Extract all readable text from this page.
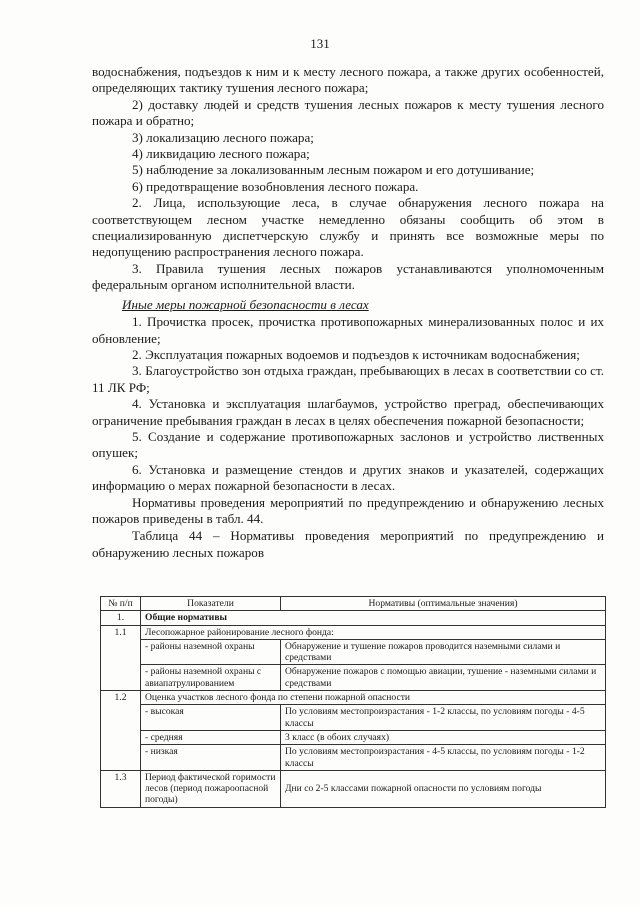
131

водоснабжения, подъездов к ним и к месту лесного пожара, а также других особенностей, определяющих тактику тушения лесного пожара;

2) доставку людей и средств тушения лесных пожаров к месту тушения лесного пожара и обратно;

3) локализацию лесного пожара;

4) ликвидацию лесного пожара;

5) наблюдение за локализованным лесным пожаром и его дотушивание;

6) предотвращение возобновления лесного пожара.

2. Лица, использующие леса, в случае обнаружения лесного пожара на соответствующем лесном участке немедленно обязаны сообщить об этом в специализированную диспетчерскую службу и принять все возможные меры по недопущению распространения лесного пожара.

3. Правила тушения лесных пожаров устанавливаются уполномоченным федеральным органом исполнительной власти.

Иные меры пожарной безопасности в лесах

1. Прочистка просек, прочистка противопожарных минерализованных полос и их обновление;

2. Эксплуатация пожарных водоемов и подъездов к источникам водоснабжения;

3. Благоустройство зон отдыха граждан, пребывающих в лесах в соответствии со ст. 11 ЛК РФ;

4. Установка и эксплуатация шлагбаумов, устройство преград, обеспечивающих ограничение пребывания граждан в лесах в целях обеспечения пожарной безопасности;

5. Создание и содержание противопожарных заслонов и устройство лиственных опушек;

6. Установка и размещение стендов и других знаков и указателей, содержащих информацию о мерах пожарной безопасности в лесах.

Нормативы проведения мероприятий по предупреждению и обнаружению лесных пожаров приведены в табл. 44.

Таблица 44 – Нормативы проведения мероприятий по предупреждению и обнаружению лесных пожаров

№ п/п	Показатели	Нормативы (оптимальные значения)
1.	Общие нормативы	
1.1	Лесопожарное районирование лесного фонда:	
	- районы наземной охраны	Обнаружение и тушение пожаров проводится наземными силами и средствами
	- районы наземной охраны с авиапатрулированием	Обнаружение пожаров с помощью авиации, тушение - наземными силами и средствами
1.2	Оценка участков лесного фонда по степени пожарной опасности	
	- высокая	По условиям местопроизрастания - 1-2 классы, по условиям погоды - 4-5 классы
	- средняя	3 класс (в обоих случаях)
	- низкая	По условиям местопроизрастания - 4-5 классы, по условиям погоды - 1-2 классы
1.3	Период фактической горимости лесов (период пожароопасной погоды)	Дни со 2-5 классами пожарной опасности по условиям погоды
